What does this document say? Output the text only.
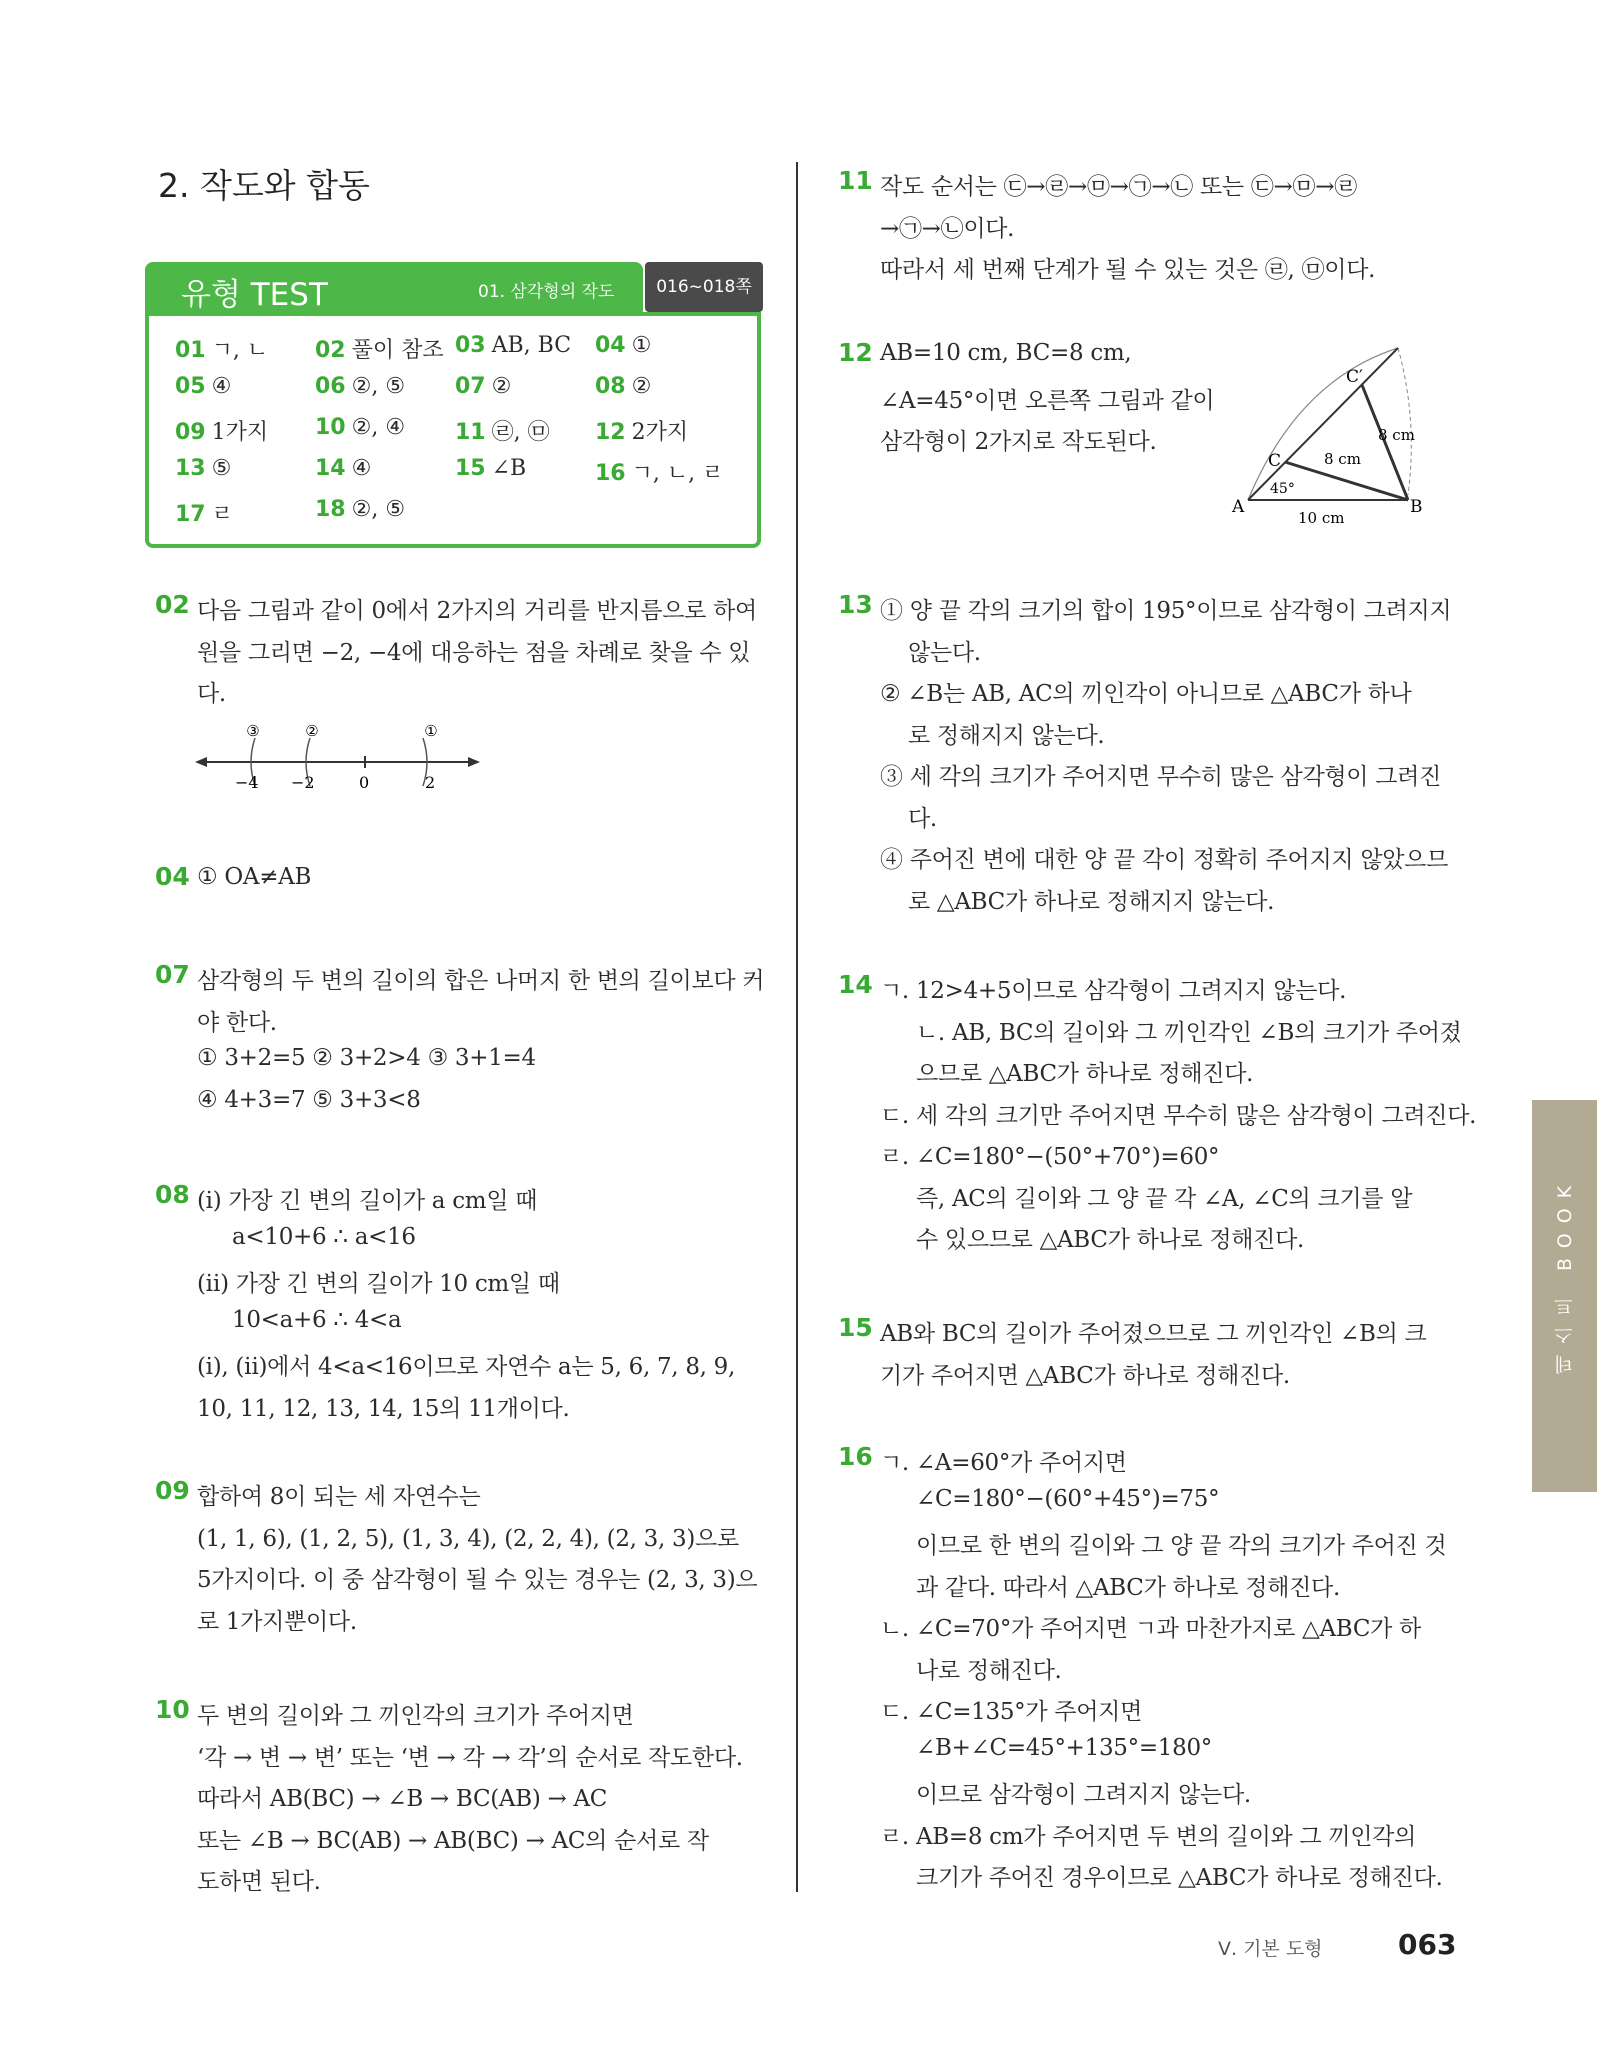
2. 작도와 합동
유형 TEST	01. 삼각형의 작도	016~018쪽
01 ㄱ, ㄴ 02 풀이 참조 03 AB, BC 04 ①
05 ④	06 ②, ⑤ 07 ②	08 ②
09 1가지 10 ②, ④ 11 ㉣, ㉤ 12 2가지
13 ⑤	14 ④	15 ∠B	16 ㄱ, ㄴ, ㄹ
17 ㄹ	18 ②, ⑤
③	②	①
−4 −2	0	2
C′
C
A	B
45°
8 cm
8 cm
10 cm
02 다음 그림과 같이 0에서 2가지의 거리를 반지름으로 하여
원을 그리면 −2, −4에 대응하는 점을 차례로 찾을 수 있
다.
04 ① OA≠AB
07 삼각형의 두 변의 길이의 합은 나머지 한 변의 길이보다 커
야 한다.
① 3+2=5 ② 3+2>4 ③ 3+1=4
④ 4+3=7 ⑤ 3+3<8
08 (ⅰ) 가장 긴 변의 길이가 a cm일 때
a<10+6 ∴ a<16
(ⅱ) 가장 긴 변의 길이가 10 cm일 때
10<a+6 ∴ 4<a
(ⅰ), (ⅱ)에서 4<a<16이므로 자연수 a는 5, 6, 7, 8, 9,
10, 11, 12, 13, 14, 15의 11개이다.
09 합하여 8이 되는 세 자연수는
(1, 1, 6), (1, 2, 5), (1, 3, 4), (2, 2, 4), (2, 3, 3)으로
5가지이다. 이 중 삼각형이 될 수 있는 경우는 (2, 3, 3)으
로 1가지뿐이다.
10 두 변의 길이와 그 끼인각의 크기가 주어지면
‘각 → 변 → 변’ 또는 ‘변 → 각 → 각’의 순서로 작도한다.
따라서 AB(BC) → ∠B → BC(AB) → AC
또는 ∠B → BC(AB) → AB(BC) → AC의 순서로 작
도하면 된다.
11 작도 순서는 ㉢→㉣→㉤→㉠→㉡ 또는 ㉢→㉤→㉣
→㉠→㉡이다.
따라서 세 번째 단계가 될 수 있는 것은 ㉣, ㉤이다.
12 AB=10 cm, BC=8 cm,
∠A=45°이면 오른쪽 그림과 같이
삼각형이 2가지로 작도된다.
13 ① 양 끝 각의 크기의 합이 195°이므로 삼각형이 그려지지
않는다.
② ∠B는 AB, AC의 끼인각이 아니므로 △ABC가 하나
로 정해지지 않는다.
③ 세 각의 크기가 주어지면 무수히 많은 삼각형이 그려진
다.
④ 주어진 변에 대한 양 끝 각이 정확히 주어지지 않았으므
로 △ABC가 하나로 정해지지 않는다.
14 ㄱ. 12>4+5이므로 삼각형이 그려지지 않는다.
ㄴ. AB, BC의 길이와 그 끼인각인 ∠B의 크기가 주어졌
으므로 △ABC가 하나로 정해진다.
ㄷ. 세 각의 크기만 주어지면 무수히 많은 삼각형이 그려진다.
ㄹ. ∠C=180°−(50°+70°)=60°
즉, AC의 길이와 그 양 끝 각 ∠A, ∠C의 크기를 알
수 있으므로 △ABC가 하나로 정해진다.
15 AB와 BC의 길이가 주어졌으므로 그 끼인각인 ∠B의 크
기가 주어지면 △ABC가 하나로 정해진다.
16 ㄱ. ∠A=60°가 주어지면
∠C=180°−(60°+45°)=75°
이므로 한 변의 길이와 그 양 끝 각의 크기가 주어진 것
과 같다. 따라서 △ABC가 하나로 정해진다.
ㄴ. ∠C=70°가 주어지면 ㄱ과 마찬가지로 △ABC가 하
나로 정해진다.
ㄷ. ∠C=135°가 주어지면
∠B+∠C=45°+135°=180°
이므로 삼각형이 그려지지 않는다.
ㄹ. AB=8 cm가 주어지면 두 변의 길이와 그 끼인각의
크기가 주어진 경우이므로 △ABC가 하나로 정해진다.
테스트 BOOK
Ⅴ. 기본 도형	063
